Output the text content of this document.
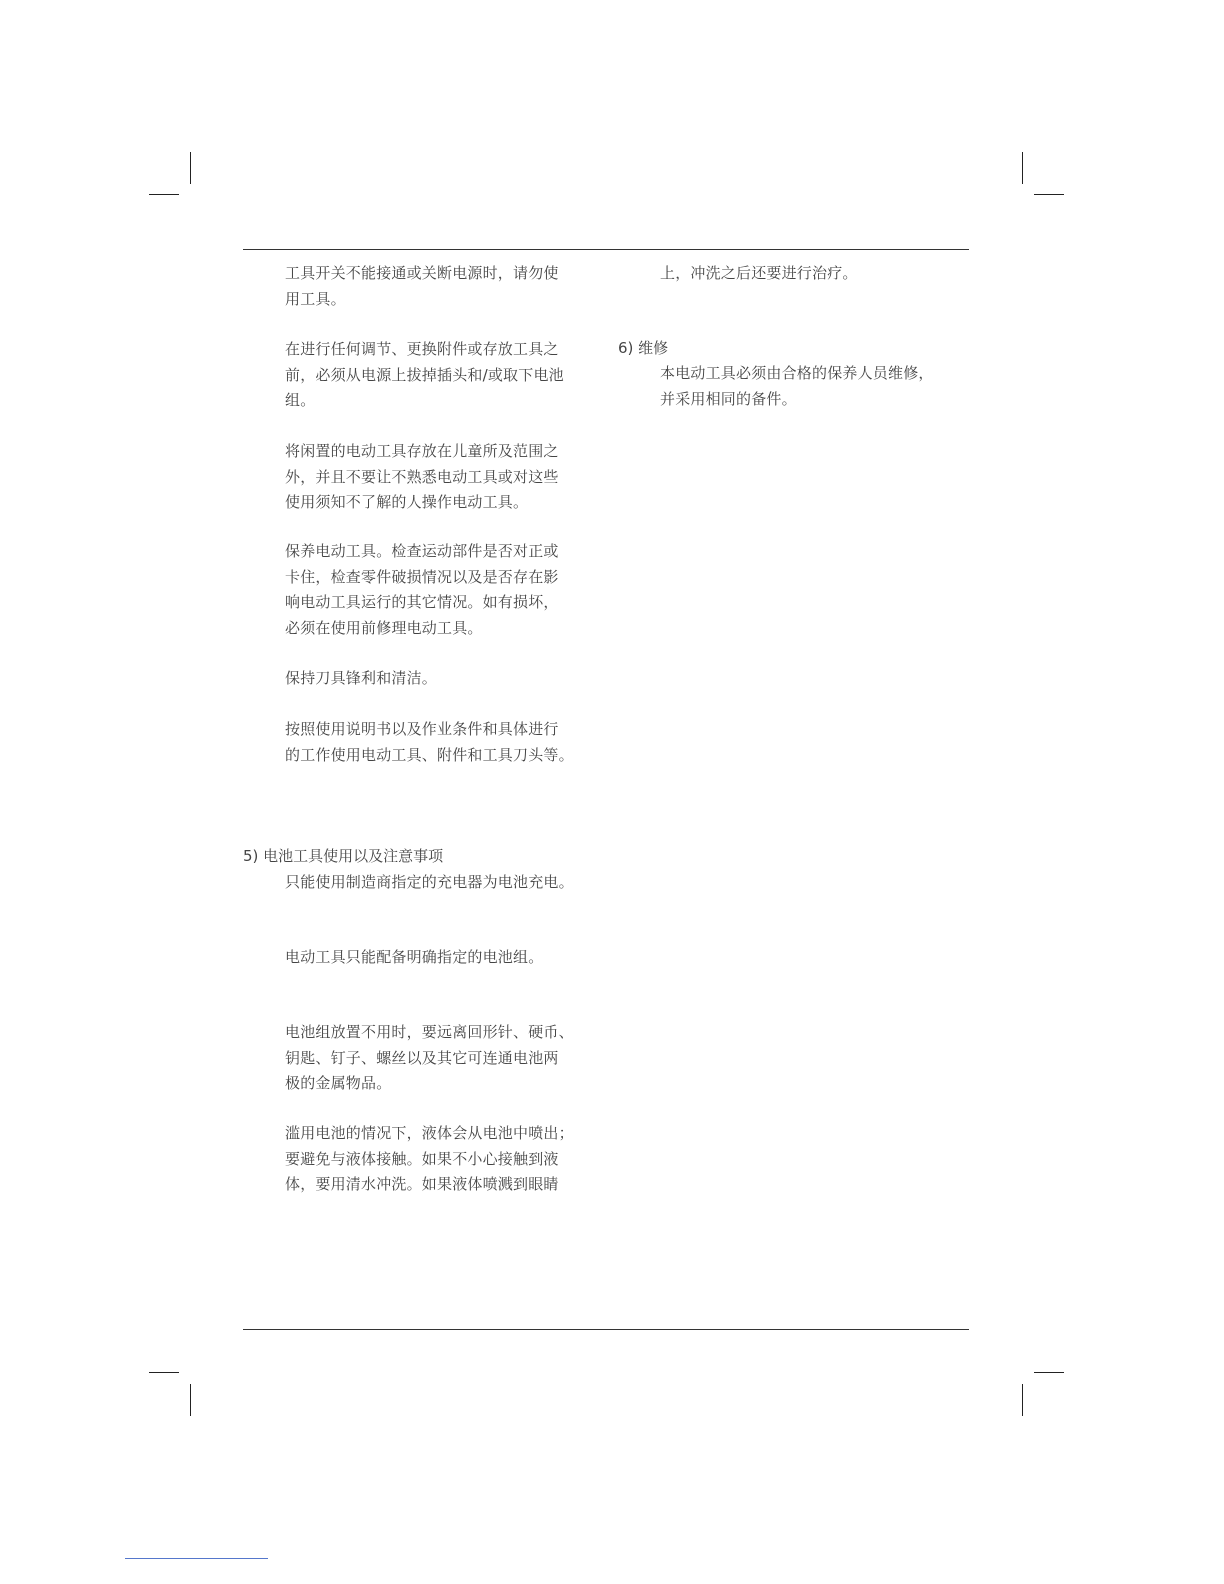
工具开关不能接通或关断电源时，请勿使
用工具。

在进行任何调节、更换附件或存放工具之
前，必须从电源上拔掉插头和/或取下电池
组。

将闲置的电动工具存放在儿童所及范围之
外，并且不要让不熟悉电动工具或对这些
使用须知不了解的人操作电动工具。

保养电动工具。检查运动部件是否对正或
卡住，检查零件破损情况以及是否存在影
响电动工具运行的其它情况。如有损坏，
必须在使用前修理电动工具。

保持刀具锋利和清洁。

按照使用说明书以及作业条件和具体进行
的工作使用电动工具、附件和工具刀头等。

5) 电池工具使用以及注意事项

只能使用制造商指定的充电器为电池充电。

电动工具只能配备明确指定的电池组。

电池组放置不用时，要远离回形针、硬币、
钥匙、钉子、螺丝以及其它可连通电池两
极的金属物品。

滥用电池的情况下，液体会从电池中喷出；
要避免与液体接触。如果不小心接触到液
体，要用清水冲洗。如果液体喷溅到眼睛

上，冲洗之后还要进行治疗。

6) 维修

本电动工具必须由合格的保养人员维修，
并采用相同的备件。
